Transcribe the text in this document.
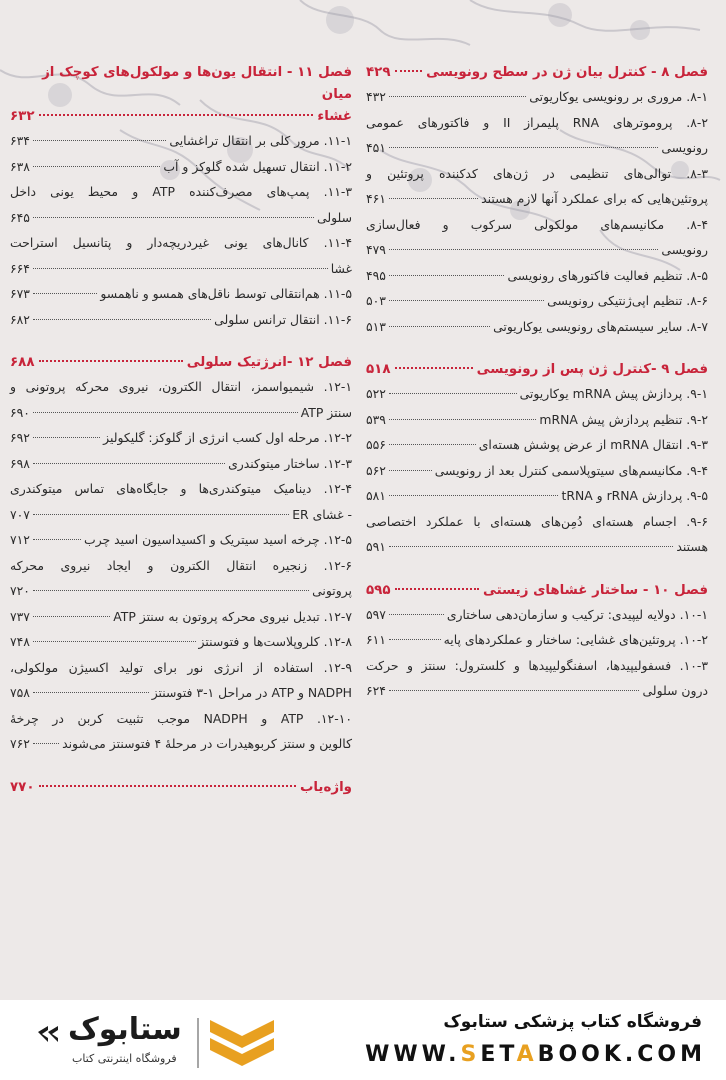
فصل ۸ - کنترل بیان ژن در سطح رونویسی
۴۲۹
۸-۱. مروری بر رونویسی یوکاریوتی
۴۳۲
۸-۲. پروموترهای RNA پلیمراز II و فاکتورهای عمومی
رونویسی
۴۵۱
۸-۳. توالی‌های تنظیمی در ژن‌های کدکننده پروتئین و
پروتئین‌هایی که برای عملکرد آنها لازم هستند
۴۶۱
۸-۴. مکانیسم‌های مولکولی سرکوب و فعال‌سازی
رونویسی
۴۷۹
۸-۵. تنظیم فعالیت فاکتورهای رونویسی
۴۹۵
۸-۶. تنظیم اپی‌ژنتیکی رونویسی
۵۰۳
۸-۷. سایر سیستم‌های رونویسی یوکاریوتی
۵۱۳
فصل ۹ -کنترل ژن پس از رونویسی
۵۱۸
۹-۱. پردازش پیش mRNA یوکاریوتی
۵۲۲
۹-۲. تنظیم پردازش پیش mRNA
۵۳۹
۹-۳. انتقال mRNA از عرض پوشش هسته‌ای
۵۵۶
۹-۴. مکانیسم‌های سیتوپلاسمی کنترل بعد از رونویسی
۵۶۲
۹-۵. پردازش rRNA و tRNA
۵۸۱
۹-۶. اجسام هسته‌ای دُمِن‌های هسته‌ای با عملکرد اختصاصی
هستند
۵۹۱
فصل ۱۰ - ساختار غشاهای زیستی
۵۹۵
۱۰-۱. دولایه لیپیدی: ترکیب و سازمان‌دهی ساختاری
۵۹۷
۱۰-۲. پروتئین‌های غشایی: ساختار و عملکردهای پایه
۶۱۱
۱۰-۳. فسفولیپیدها، اسفنگولیپیدها و کلسترول: سنتز و حرکت
درون سلولی
۶۲۴
فصل ۱۱ - انتقال یون‌ها و مولکول‌های کوچک از میان
غشاء
۶۳۲
۱۱-۱. مرور کلی بر انتقال تراغشایی
۶۳۴
۱۱-۲. انتقال تسهیل شده گلوکز و آب
۶۳۸
۱۱-۳. پمپ‌های مصرف‌کننده ATP و محیط یونی داخل
سلولی
۶۴۵
۱۱-۴. کانال‌های یونی غیردریچه‌دار و پتانسیل استراحت
غشا
۶۶۴
۱۱-۵. هم‌انتقالی توسط ناقل‌های همسو و ناهمسو
۶۷۳
۱۱-۶. انتقال ترانس سلولی
۶۸۲
فصل ۱۲ -انرژتیک سلولی
۶۸۸
۱۲-۱. شیمیواسمز، انتقال الکترون، نیروی محرکه پروتونی و
سنتز ATP
۶۹۰
۱۲-۲. مرحله اول کسب انرژی از گلوکز: گلیکولیز
۶۹۲
۱۲-۳. ساختار میتوکندری
۶۹۸
۱۲-۴. دینامیک میتوکندری‌ها و جایگاه‌های تماس میتوکندری
- غشای ER
۷۰۷
۱۲-۵. چرخه اسید سیتریک و اکسیداسیون اسید چرب
۷۱۲
۱۲-۶. زنجیره انتقال الکترون و ایجاد نیروی محرکه
پروتونی
۷۲۰
۱۲-۷. تبدیل نیروی محرکه پروتون به سنتز ATP
۷۳۷
۱۲-۸. کلروپلاست‌ها و فتوسنتز
۷۴۸
۱۲-۹. استفاده از انرژی نور برای تولید اکسیژن مولکولی،
NADPH و ATP در مراحل ۱-۳ فتوسنتز
۷۵۸
۱۲-۱۰. ATP و NADPH موجب تثبیت کربن در چرخهٔ
کالوین و سنتز کربوهیدرات در مرحلهٔ ۴ فتوسنتز می‌شوند
۷۶۲
واژه‌یاب
۷۷۰
ستابوک
فروشگاه اینترنتی کتاب
فروشگاه کتاب پزشکی ستابوک
WWW.SETABOOK.COM
